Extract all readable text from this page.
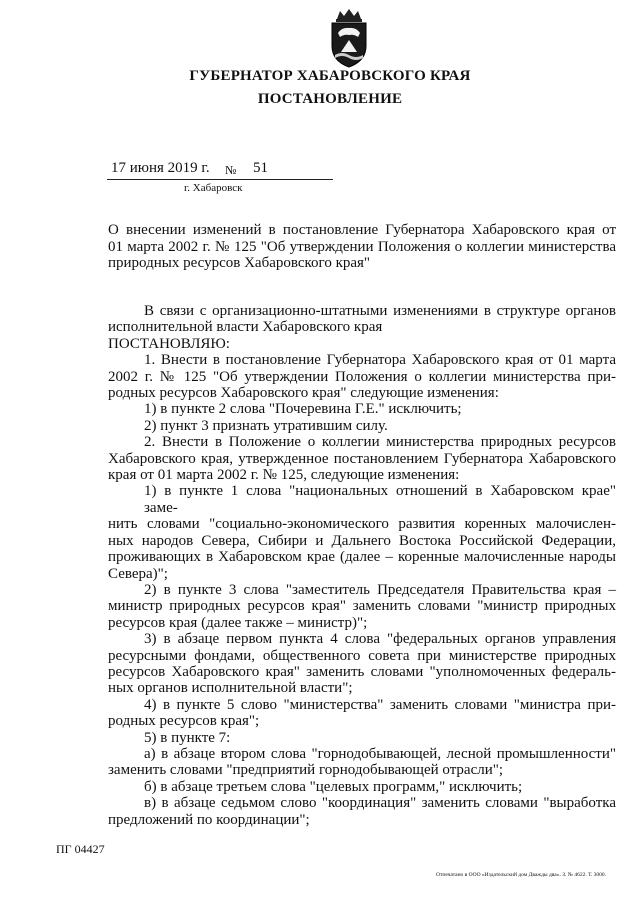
ГУБЕРНАТОР ХАБАРОВСКОГО КРАЯ
ПОСТАНОВЛЕНИЕ
17 июня 2019 г. № 51
г. Хабаровск
О внесении изменений в постановление Губернатора Хабаровского края от
01 марта 2002 г. № 125 "Об утверждении Положения о коллегии министерства
природных ресурсов Хабаровского края"
В связи с организационно-штатными изменениями в структуре органов
исполнительной власти Хабаровского края
ПОСТАНОВЛЯЮ:
1. Внести в постановление Губернатора Хабаровского края от 01 марта
2002 г. № 125 "Об утверждении Положения о коллегии министерства при-
родных ресурсов Хабаровского края" следующие изменения:
1) в пункте 2 слова "Почеревина Г.Е." исключить;
2) пункт 3 признать утратившим силу.
2. Внести в Положение о коллегии министерства природных ресурсов
Хабаровского края, утвержденное постановлением Губернатора Хабаровского
края от 01 марта 2002 г. № 125, следующие изменения:
1) в пункте 1 слова "национальных отношений в Хабаровском крае" заме-
нить словами "социально-экономического развития коренных малочислен-
ных народов Севера, Сибири и Дальнего Востока Российской Федерации,
проживающих в Хабаровском крае (далее – коренные малочисленные народы
Севера)";
2) в пункте 3 слова "заместитель Председателя Правительства края –
министр природных ресурсов края" заменить словами "министр природных
ресурсов края (далее также – министр)";
3) в абзаце первом пункта 4 слова "федеральных органов управления
ресурсными фондами, общественного совета при министерстве природных
ресурсов Хабаровского края" заменить словами "уполномоченных федераль-
ных органов исполнительной власти";
4) в пункте 5 слово "министерства" заменить словами "министра при-
родных ресурсов края";
5) в пункте 7:
а) в абзаце втором слова "горнодобывающей, лесной промышленности"
заменить словами "предприятий горнодобывающей отрасли";
б) в абзаце третьем слова "целевых программ," исключить;
в) в абзаце седьмом слово "координация" заменить словами "выработка
предложений по координации";
ПГ 04427
Отпечатано в ООО «Издательский дом Дважды два». З. № 4622. Т. 3000.
